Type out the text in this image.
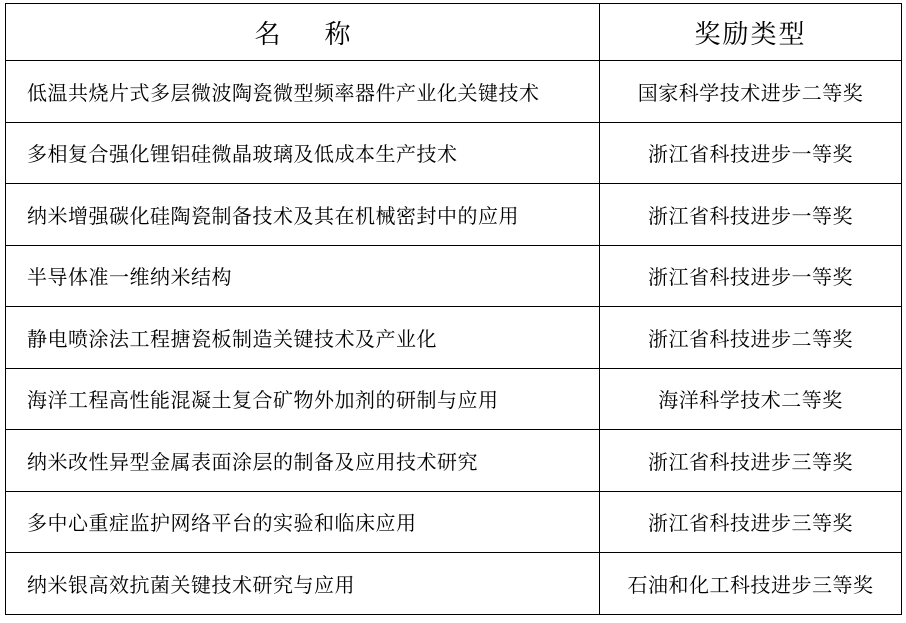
名称	奖励类型
低温共烧片式多层微波陶瓷微型频率器件产业化关键技术	国家科学技术进步二等奖
多相复合强化锂铝硅微晶玻璃及低成本生产技术	浙江省科技进步一等奖
纳米增强碳化硅陶瓷制备技术及其在机械密封中的应用	浙江省科技进步一等奖
半导体准一维纳米结构	浙江省科技进步一等奖
静电喷涂法工程搪瓷板制造关键技术及产业化	浙江省科技进步二等奖
海洋工程高性能混凝土复合矿物外加剂的研制与应用	海洋科学技术二等奖
纳米改性异型金属表面涂层的制备及应用技术研究	浙江省科技进步三等奖
多中心重症监护网络平台的实验和临床应用	浙江省科技进步三等奖
纳米银高效抗菌关键技术研究与应用	石油和化工科技进步三等奖
